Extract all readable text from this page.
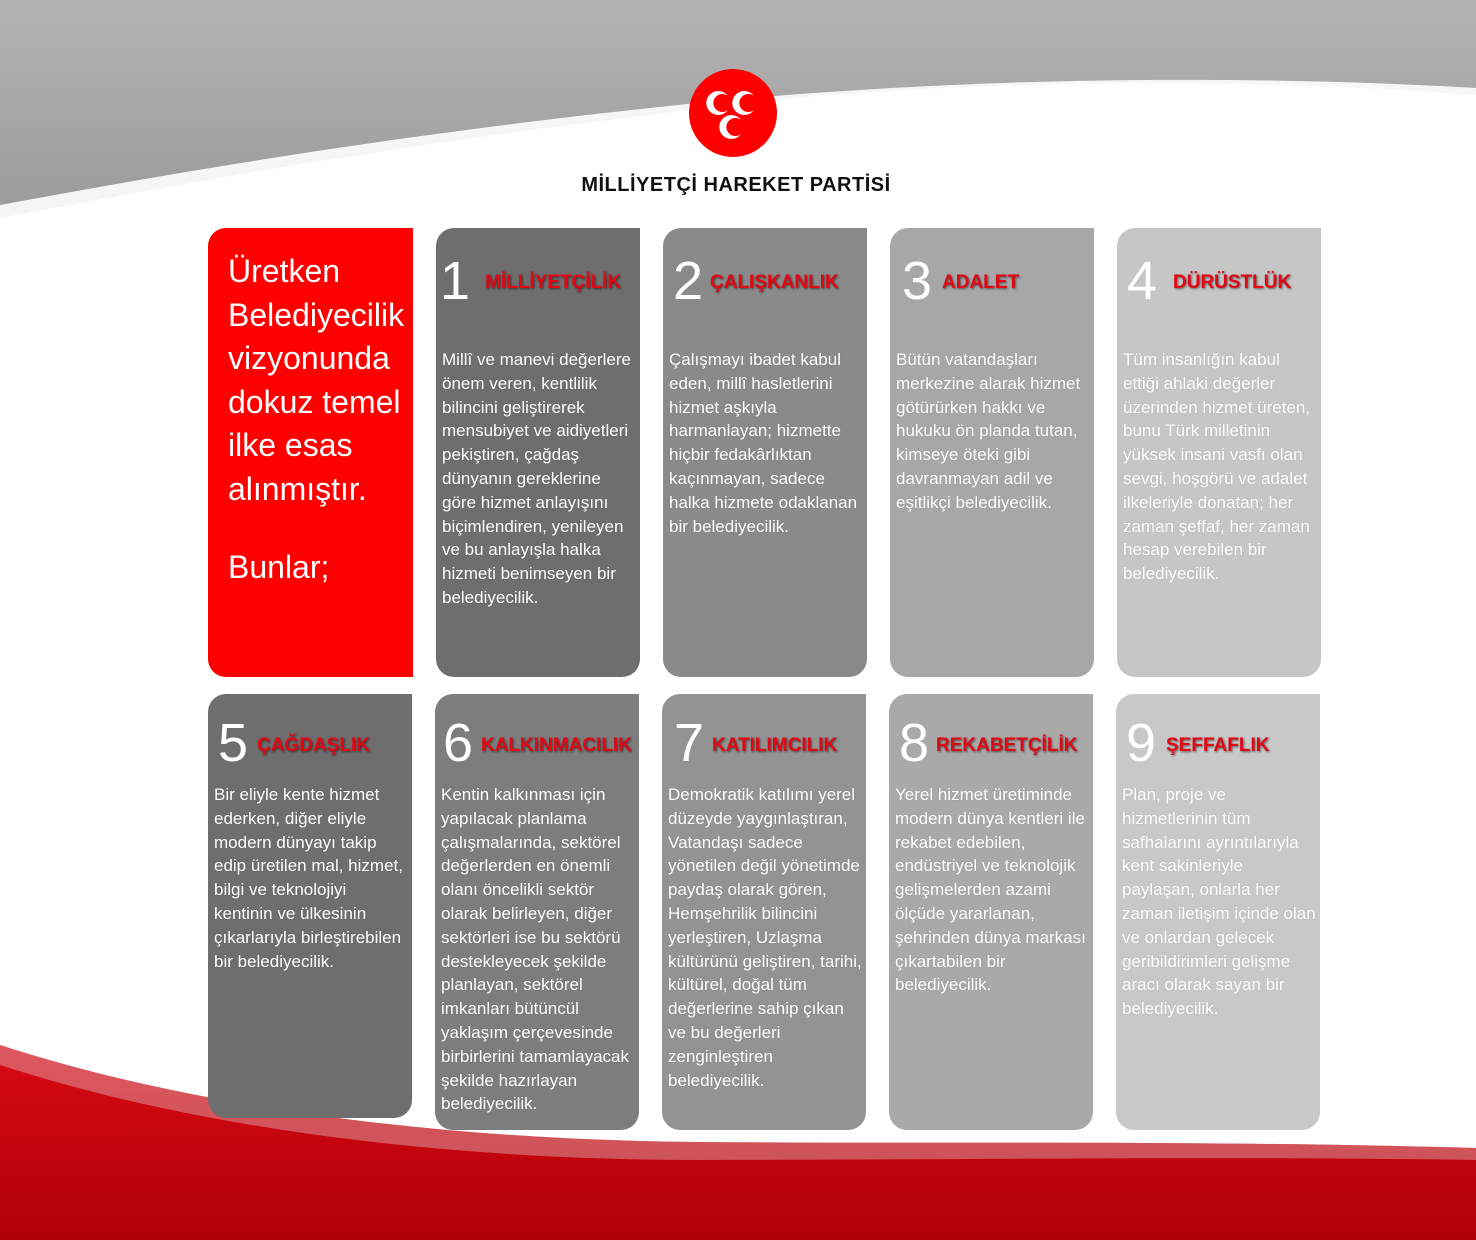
MİLLİYETÇİ HAREKET PARTİSİ
Üretken Belediyecilik vizyonunda dokuz temel ilke esas alınmıştır.
Bunlar;
1 MİLLİYETÇİLİK
Millî ve manevi değerlere önem veren, kentlilik bilincini geliştirerek mensubiyet ve aidiyetleri pekiştiren, çağdaş dünyanın gereklerine göre hizmet anlayışını biçimlendiren, yenileyen ve bu anlayışla halka hizmeti benimseyen bir belediyecilik.
2 ÇALIŞKANLIK
Çalışmayı ibadet kabul eden, millî hasletlerini hizmet aşkıyla harmanlayan; hizmette hiçbir fedakârlıktan kaçınmayan, sadece halka hizmete odaklanan bir belediyecilik.
3 ADALET
Bütün vatandaşları merkezine alarak hizmet götürürken hakkı ve hukuku ön planda tutan, kimseye öteki gibi davranmayan adil ve eşitlikçi belediyecilik.
4 DÜRÜSTLÜK
Tüm insanlığın kabul ettiği ahlaki değerler üzerinden hizmet üreten, bunu Türk milletinin yüksek insani vasfı olan sevgi, hoşgörü ve adalet ilkeleriyle donatan; her zaman şeffaf, her zaman hesap verebilen bir belediyecilik.
5 ÇAĞDAŞLIK
Bir eliyle kente hizmet ederken, diğer eliyle modern dünyayı takip edip üretilen mal, hizmet, bilgi ve teknolojiyi kentinin ve ülkesinin çıkarlarıyla birleştirebilen bir belediyecilik.
6 KALKINMACILIK
Kentin kalkınması için yapılacak planlama çalışmalarında, sektörel değerlerden en önemli olanı öncelikli sektör olarak belirleyen, diğer sektörleri ise bu sektörü destekleyecek şekilde planlayan, sektörel imkanları bütüncül yaklaşım çerçevesinde birbirlerini tamamlayacak şekilde hazırlayan belediyecilik.
7 KATILIMCILIK
Demokratik katılımı yerel düzeyde yaygınlaştıran, Vatandaşı sadece yönetilen değil yönetimde paydaş olarak gören, Hemşehrilik bilincini yerleştiren, Uzlaşma kültürünü geliştiren, tarihi, kültürel, doğal tüm değerlerine sahip çıkan ve bu değerleri zenginleştiren belediyecilik.
8 REKABETÇİLİK
Yerel hizmet üretiminde modern dünya kentleri ile rekabet edebilen, endüstriyel ve teknolojik gelişmelerden azami ölçüde yararlanan, şehrinden dünya markası çıkartabilen bir belediyecilik.
9 ŞEFFAFLIK
Plan, proje ve hizmetlerinin tüm safhalarını ayrıntılarıyla kent sakinleriyle paylaşan, onlarla her zaman iletişim içinde olan ve onlardan gelecek geribildirimleri gelişme aracı olarak sayan bir belediyecilik.
